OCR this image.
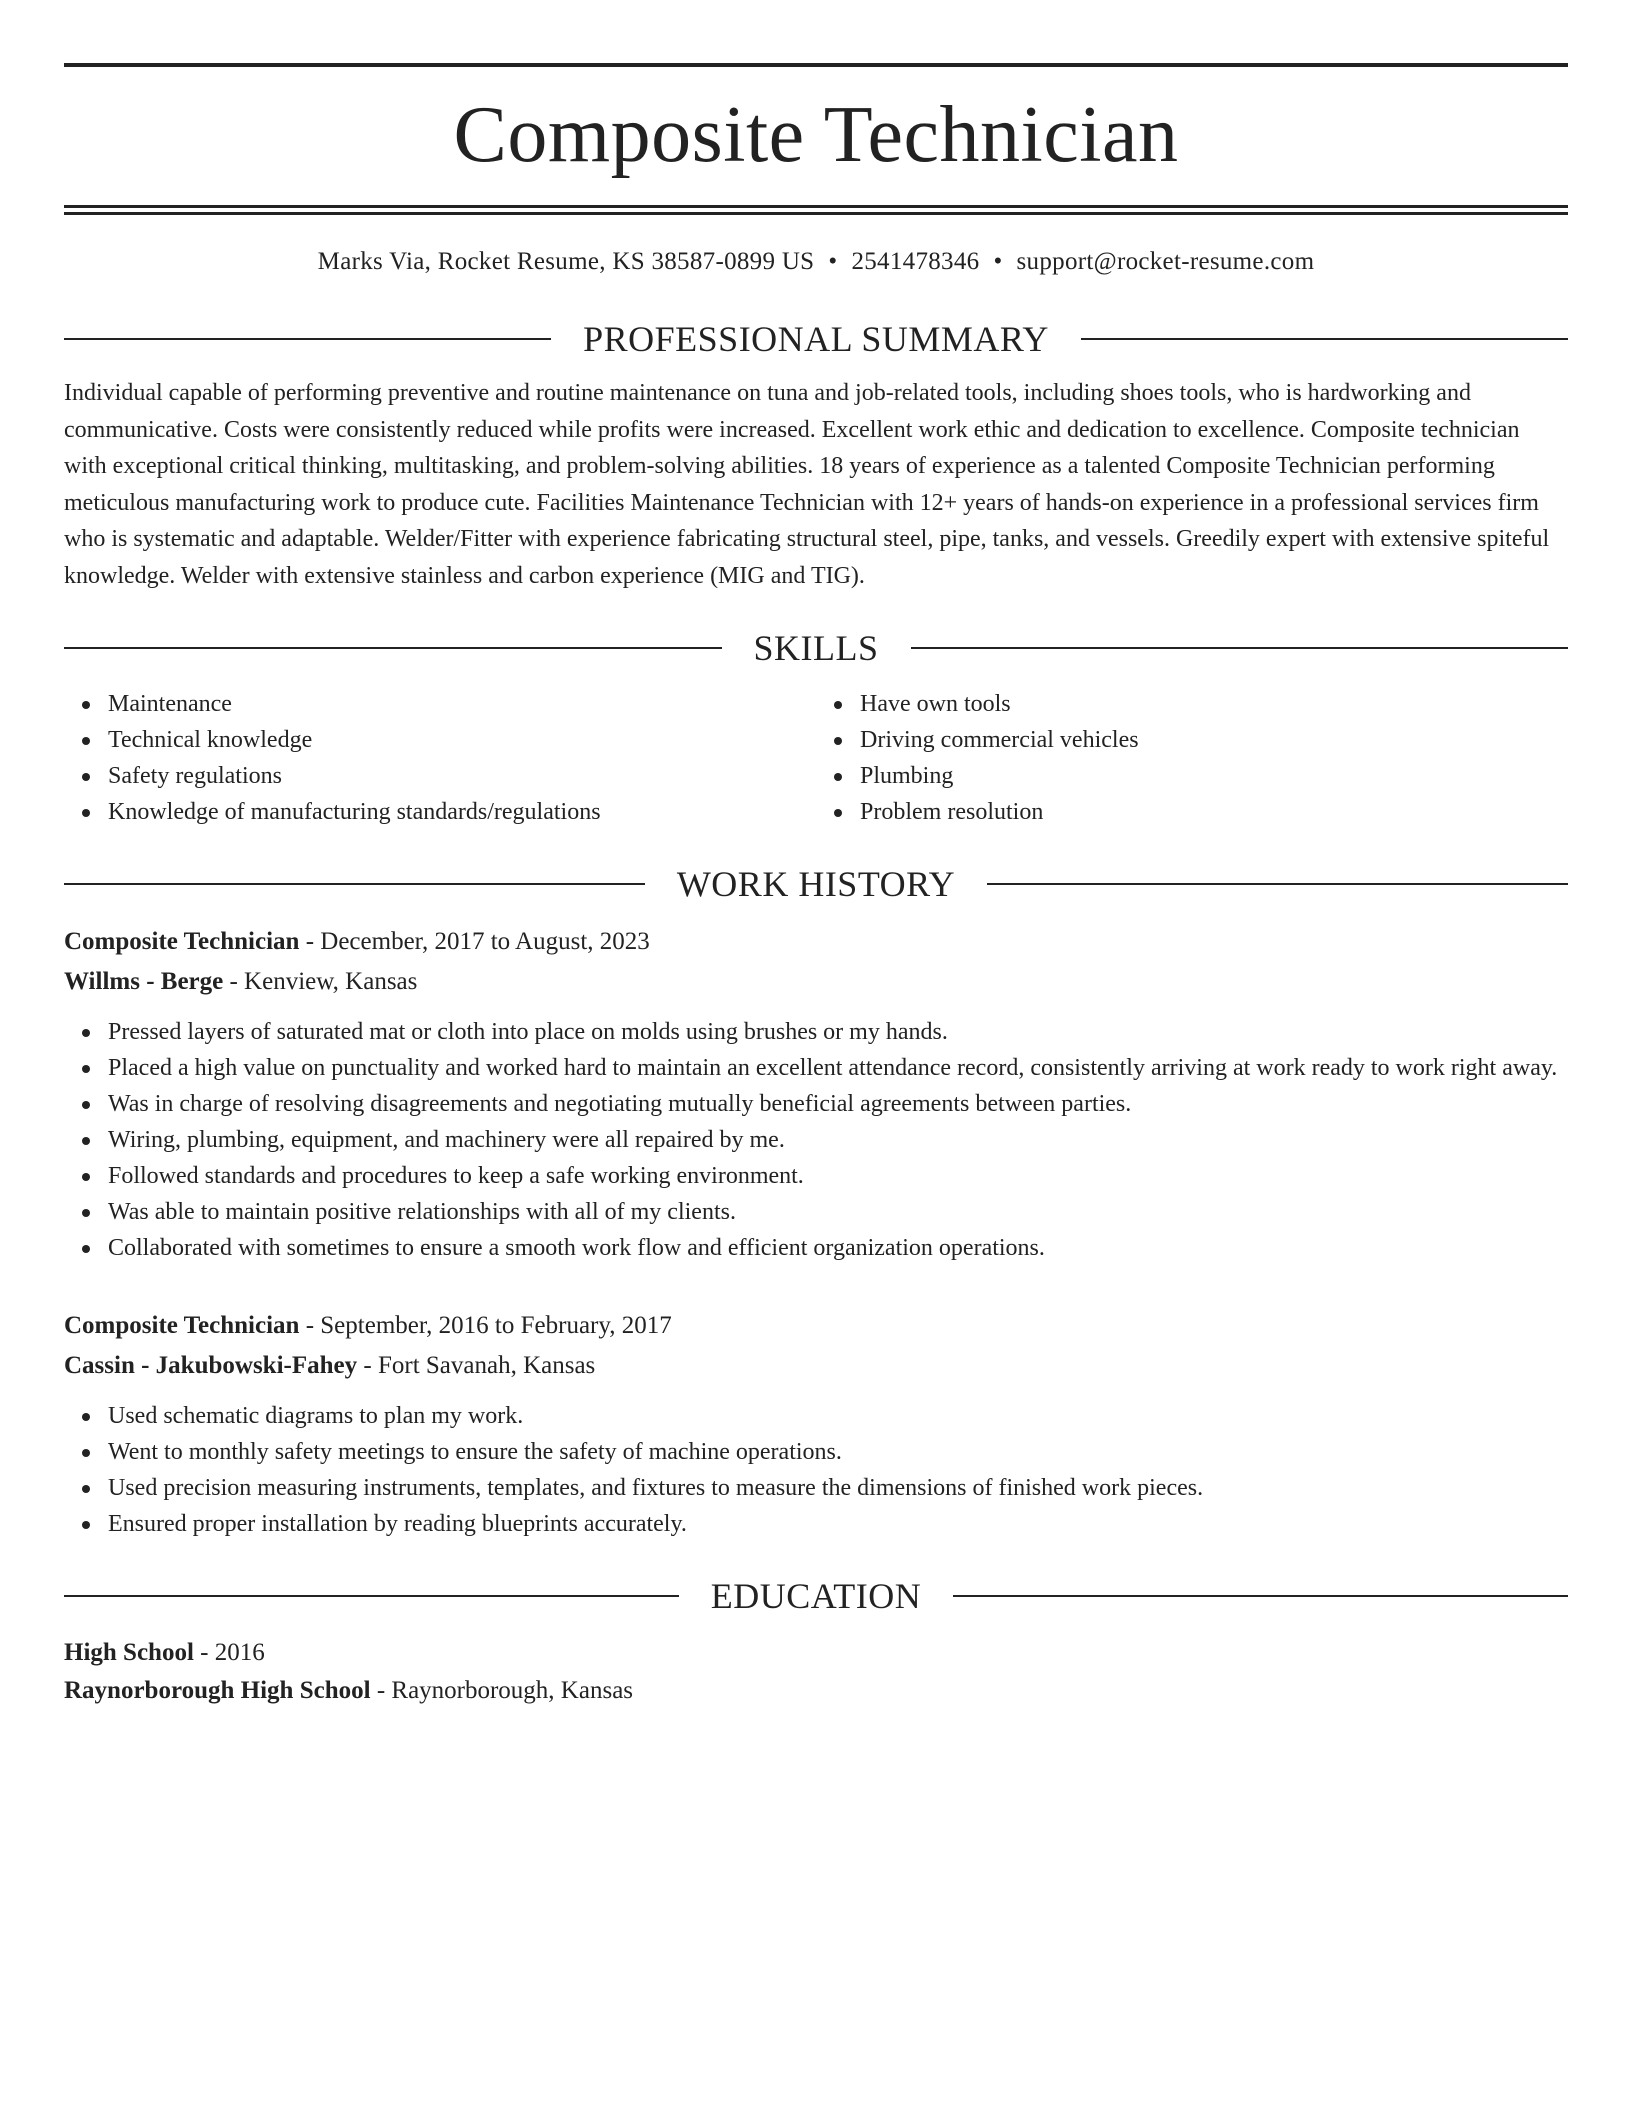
Composite Technician
Marks Via, Rocket Resume, KS 38587-0899 US • 2541478346 • support@rocket-resume.com
PROFESSIONAL SUMMARY
Individual capable of performing preventive and routine maintenance on tuna and job-related tools, including shoes tools, who is hardworking and communicative. Costs were consistently reduced while profits were increased. Excellent work ethic and dedication to excellence. Composite technician with exceptional critical thinking, multitasking, and problem-solving abilities. 18 years of experience as a talented Composite Technician performing meticulous manufacturing work to produce cute. Facilities Maintenance Technician with 12+ years of hands-on experience in a professional services firm who is systematic and adaptable. Welder/Fitter with experience fabricating structural steel, pipe, tanks, and vessels. Greedily expert with extensive spiteful knowledge. Welder with extensive stainless and carbon experience (MIG and TIG).
SKILLS
Maintenance
Technical knowledge
Safety regulations
Knowledge of manufacturing standards/regulations
Have own tools
Driving commercial vehicles
Plumbing
Problem resolution
WORK HISTORY
Composite Technician - December, 2017 to August, 2023
Willms - Berge - Kenview, Kansas
Pressed layers of saturated mat or cloth into place on molds using brushes or my hands.
Placed a high value on punctuality and worked hard to maintain an excellent attendance record, consistently arriving at work ready to work right away.
Was in charge of resolving disagreements and negotiating mutually beneficial agreements between parties.
Wiring, plumbing, equipment, and machinery were all repaired by me.
Followed standards and procedures to keep a safe working environment.
Was able to maintain positive relationships with all of my clients.
Collaborated with sometimes to ensure a smooth work flow and efficient organization operations.
Composite Technician - September, 2016 to February, 2017
Cassin - Jakubowski-Fahey - Fort Savanah, Kansas
Used schematic diagrams to plan my work.
Went to monthly safety meetings to ensure the safety of machine operations.
Used precision measuring instruments, templates, and fixtures to measure the dimensions of finished work pieces.
Ensured proper installation by reading blueprints accurately.
EDUCATION
High School - 2016
Raynorborough High School - Raynorborough, Kansas
